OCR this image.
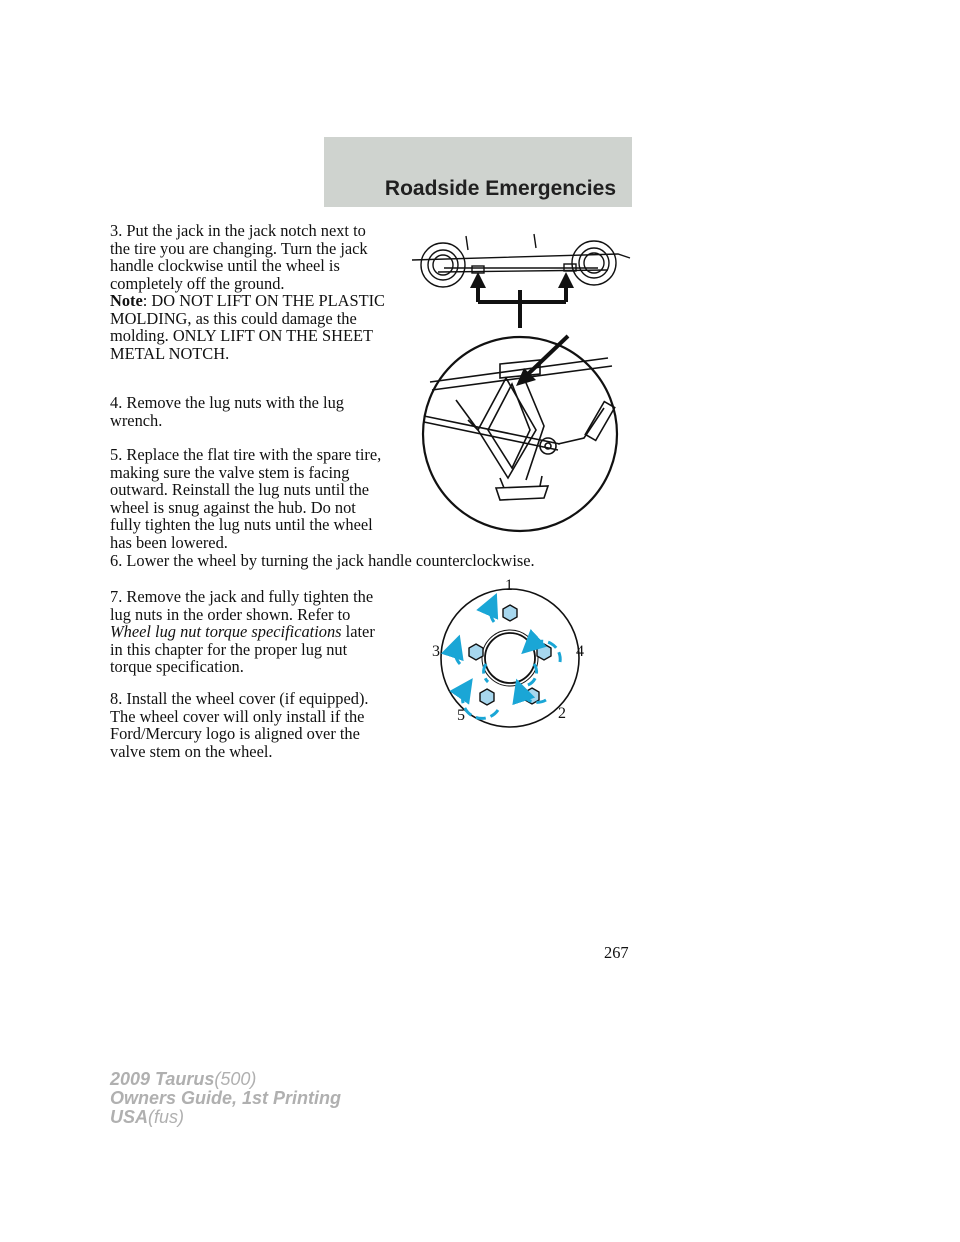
Roadside Emergencies

3. Put the jack in the jack notch next to the tire you are changing. Turn the jack handle clockwise until the wheel is completely off the ground.
Note: DO NOT LIFT ON THE PLASTIC MOLDING, as this could damage the molding. ONLY LIFT ON THE SHEET METAL NOTCH.

4. Remove the lug nuts with the lug wrench.

5. Replace the flat tire with the spare tire, making sure the valve stem is facing outward. Reinstall the lug nuts until the wheel is snug against the hub. Do not fully tighten the lug nuts until the wheel has been lowered.

6. Lower the wheel by turning the jack handle counterclockwise.

7. Remove the jack and fully tighten the lug nuts in the order shown. Refer to Wheel lug nut torque specifications later in this chapter for the proper lug nut torque specification.

8. Install the wheel cover (if equipped). The wheel cover will only install if the Ford/Mercury logo is aligned over the valve stem on the wheel.

1
2
3	4
5
267
2009 Taurus(500)
Owners Guide, 1st Printing
USA(fus)
